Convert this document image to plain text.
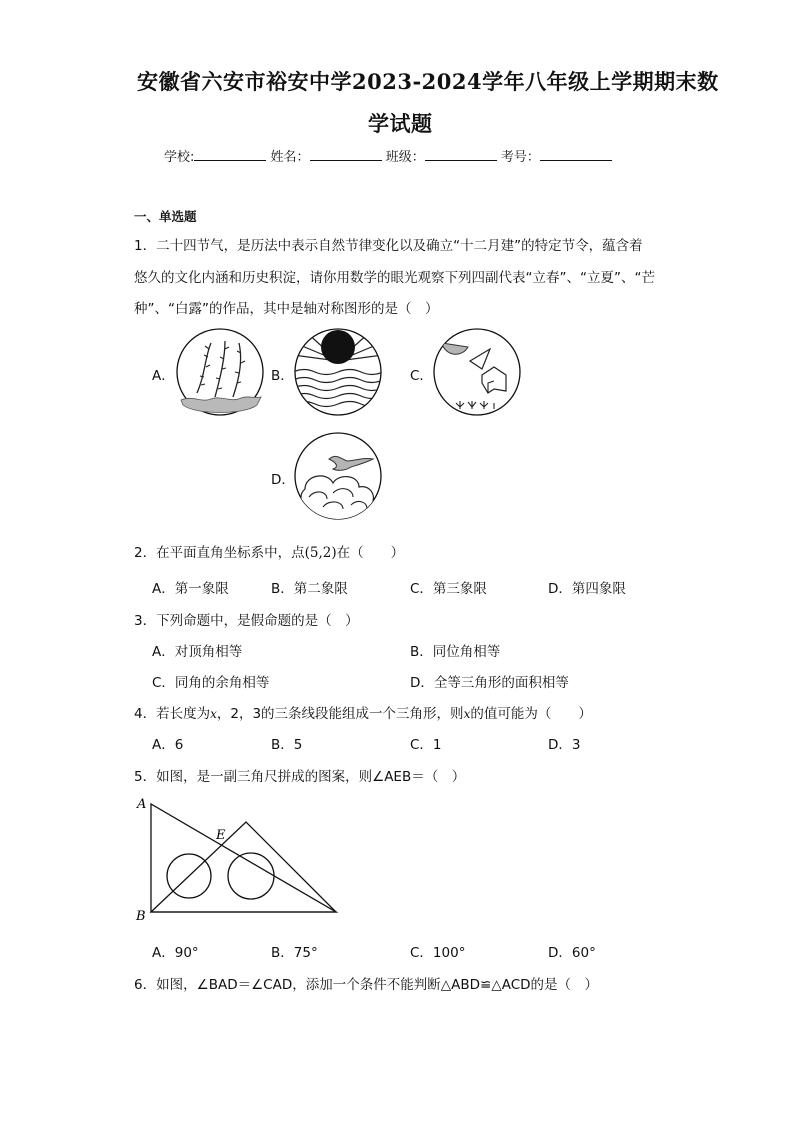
安徽省六安市裕安中学2023-2024学年八年级上学期期末数
学试题
学校:	姓名：	班级：	考号：
一、单选题
1．二十四节气，是历法中表示自然节律变化以及确立“十二月建”的特定节令，蕴含着
悠久的文化内涵和历史积淀，请你用数学的眼光观察下列四副代表“立春”、“立夏”、“芒
种”、“白露”的作品，其中是轴对称图形的是（　）
A．	B．	C．
D．
2．在平面直角坐标系中，点(5,2)在（　　）
A．第一象限	B．第二象限	C．第三象限	D．第四象限
3．下列命题中，是假命题的是（　）
A．对顶角相等	B．同位角相等
C．同角的余角相等	D．全等三角形的面积相等
4．若长度为x，2，3的三条线段能组成一个三角形，则x的值可能为（　　）
A．6	B．5	C．1	D．3
5．如图，是一副三角尺拼成的图案，则∠AEB＝（　）
A
B
E
A．90°	B．75°	C．100°	D．60°
6．如图，∠BAD＝∠CAD，添加一个条件不能判断△ABD≌△ACD的是（　）
